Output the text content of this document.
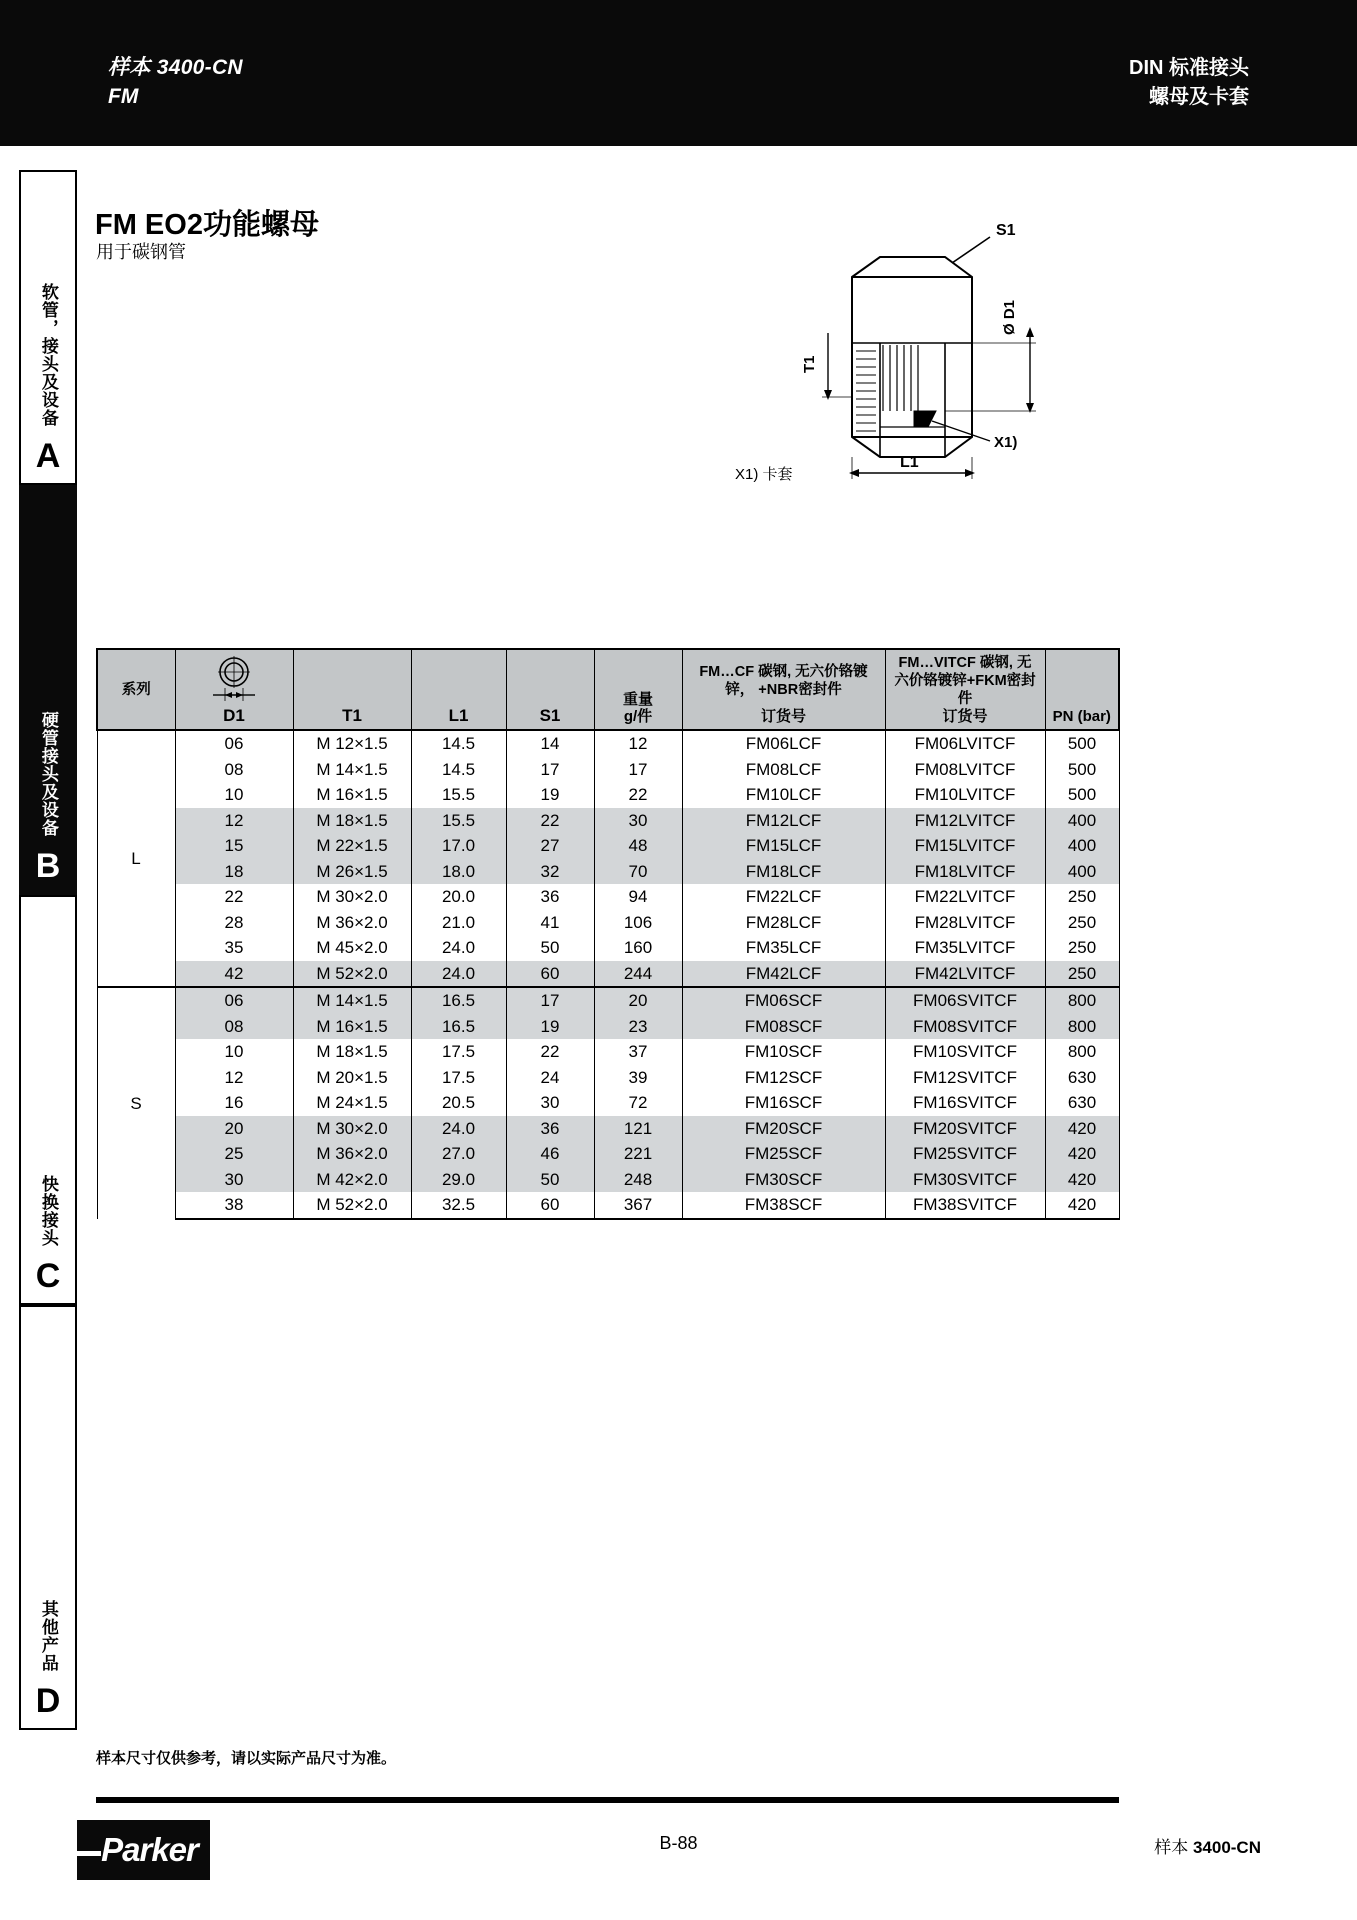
样本 3400-CN
FM
DIN 标准接头
螺母及卡套
软管，接头及设备
A
硬管接头及设备
B
快换接头
C
其他产品
D
FM EO2功能螺母
用于碳钢管
S1
Ø D1
T1
L1
X1)
X1) 卡套
系列

D1	T1	L1	S1

重量
g/件

FM…CF 碳钢, 无六价铬镀锌， +NBR密封件
订货号

FM…VITCF 碳钢, 无六价铬镀锌+FKM密封件
订货号	PN (bar)

L	06	M 12×1.5	14.5	14	12	FM06LCF	FM06LVITCF	500
	08	M 14×1.5	14.5	17	17	FM08LCF	FM08LVITCF	500
	10	M 16×1.5	15.5	19	22	FM10LCF	FM10LVITCF	500
	12	M 18×1.5	15.5	22	30	FM12LCF	FM12LVITCF	400
	15	M 22×1.5	17.0	27	48	FM15LCF	FM15LVITCF	400
	18	M 26×1.5	18.0	32	70	FM18LCF	FM18LVITCF	400
	22	M 30×2.0	20.0	36	94	FM22LCF	FM22LVITCF	250
	28	M 36×2.0	21.0	41	106	FM28LCF	FM28LVITCF	250
	35	M 45×2.0	24.0	50	160	FM35LCF	FM35LVITCF	250
	42	M 52×2.0	24.0	60	244	FM42LCF	FM42LVITCF	250
S	06	M 14×1.5	16.5	17	20	FM06SCF	FM06SVITCF	800
	08	M 16×1.5	16.5	19	23	FM08SCF	FM08SVITCF	800
	10	M 18×1.5	17.5	22	37	FM10SCF	FM10SVITCF	800
	12	M 20×1.5	17.5	24	39	FM12SCF	FM12SVITCF	630
	16	M 24×1.5	20.5	30	72	FM16SCF	FM16SVITCF	630
	20	M 30×2.0	24.0	36	121	FM20SCF	FM20SVITCF	420
	25	M 36×2.0	27.0	46	221	FM25SCF	FM25SVITCF	420
	30	M 42×2.0	29.0	50	248	FM30SCF	FM30SVITCF	420
	38	M 52×2.0	32.5	60	367	FM38SCF	FM38SVITCF	420
样本尺寸仅供参考，请以实际产品尺寸为准。
Parker	B-88	样本 3400-CN
